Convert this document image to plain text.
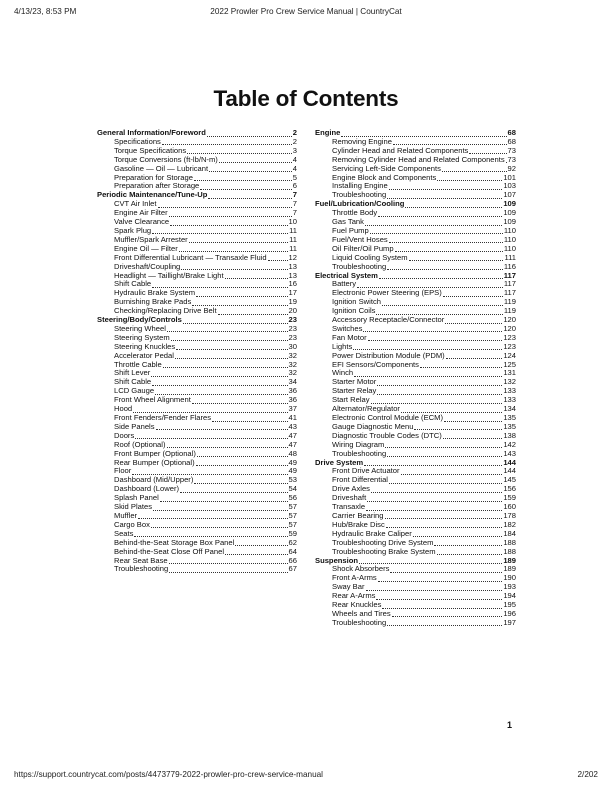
4/13/23, 8:53 PM	2022 Prowler Pro Crew Service Manual | CountryCat
Table of Contents
General Information/Foreword	2
Specifications	2
Torque Specifications	3
Torque Conversions (ft-lb/N-m)	4
Gasoline — Oil — Lubricant	4
Preparation for Storage	5
Preparation after Storage	6
Periodic Maintenance/Tune-Up	7
CVT Air Inlet	7
Engine Air Filter	7
Valve Clearance	10
Spark Plug	11
Muffler/Spark Arrester	11
Engine Oil — Filter	11
Front Differential Lubricant — Transaxle Fluid	12
Driveshaft/Coupling	13
Headlight — Taillight/Brake Light	13
Shift Cable	16
Hydraulic Brake System	17
Burnishing Brake Pads	19
Checking/Replacing Drive Belt	20
Steering/Body/Controls	23
Steering Wheel	23
Steering System	23
Steering Knuckles	30
Accelerator Pedal	32
Throttle Cable	32
Shift Lever	32
Shift Cable	34
LCD Gauge	36
Front Wheel Alignment	36
Hood	37
Front Fenders/Fender Flares	41
Side Panels	43
Doors	47
Roof (Optional)	47
Front Bumper (Optional)	48
Rear Bumper (Optional)	49
Floor	49
Dashboard (Mid/Upper)	53
Dashboard (Lower)	54
Splash Panel	56
Skid Plates	57
Muffler	57
Cargo Box	57
Seats	59
Behind-the-Seat Storage Box Panel	62
Behind-the-Seat Close Off Panel	64
Rear Seat Base	66
Troubleshooting	67
Engine	68
Removing Engine	68
Cylinder Head and Related Components	73
Removing Cylinder Head and Related Components 73
Servicing Left-Side Components	92
Engine Block and Components	101
Installing Engine	103
Troubleshooting	107
Fuel/Lubrication/Cooling	109
Throttle Body	109
Gas Tank	109
Fuel Pump	110
Fuel/Vent Hoses	110
Oil Filter/Oil Pump	110
Liquid Cooling System	111
Troubleshooting	116
Electrical System	117
Battery	117
Electronic Power Steering (EPS)	117
Ignition Switch	119
Ignition Coils	119
Accessory Receptacle/Connector	120
Switches	120
Fan Motor	123
Lights	123
Power Distribution Module (PDM)	124
EFI Sensors/Components	125
Winch	131
Starter Motor	132
Starter Relay	133
Start Relay	133
Alternator/Regulator	134
Electronic Control Module (ECM)	135
Gauge Diagnostic Menu	135
Diagnostic Trouble Codes (DTC)	138
Wiring Diagram	142
Troubleshooting	143
Drive System	144
Front Drive Actuator	144
Front Differential	145
Drive Axles	156
Driveshaft	159
Transaxle	160
Carrier Bearing	178
Hub/Brake Disc	182
Hydraulic Brake Caliper	184
Troubleshooting Drive System	188
Troubleshooting Brake System	188
Suspension	189
Shock Absorbers	189
Front A-Arms	190
Sway Bar	193
Rear A-Arms	194
Rear Knuckles	195
Wheels and Tires	196
Troubleshooting	197
1
https://support.countrycat.com/posts/4473779-2022-prowler-pro-crew-service-manual	2/202
